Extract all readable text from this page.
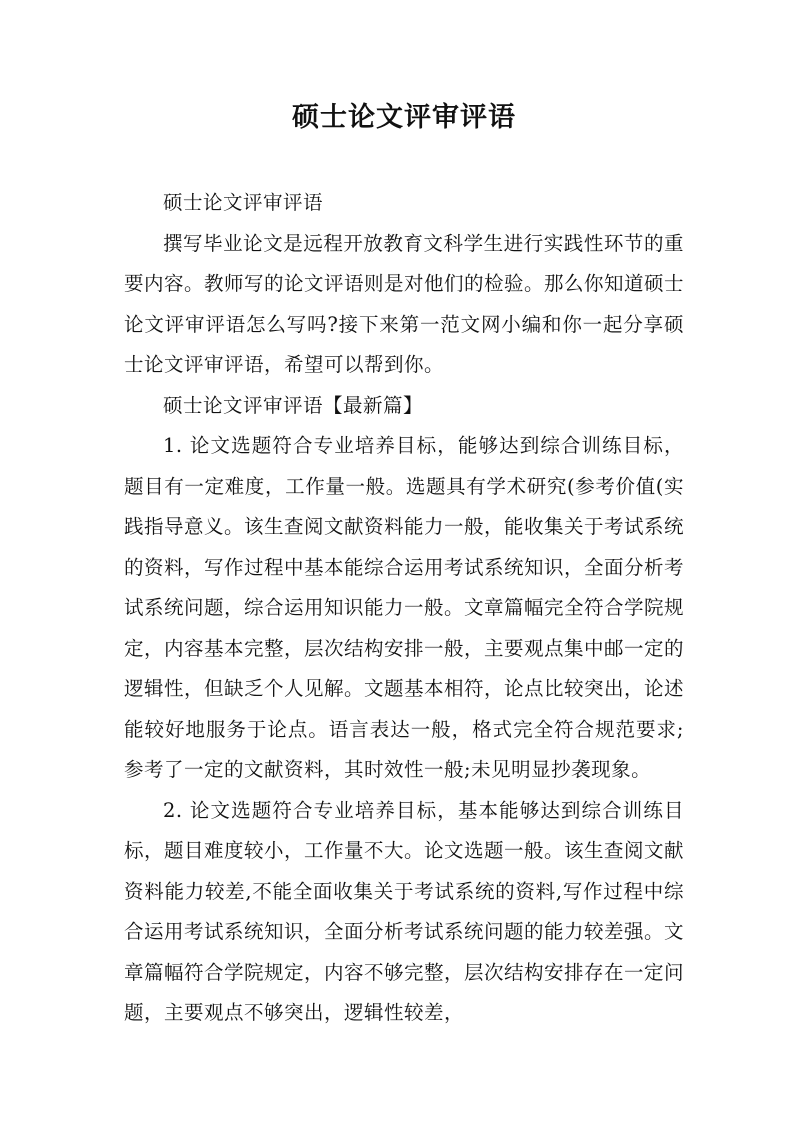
硕士论文评审评语

硕士论文评审评语

撰写毕业论文是远程开放教育文科学生进行实践性环节的重要内容。教师写的论文评语则是对他们的检验。那么你知道硕士论文评审评语怎么写吗?接下来第一范文网小编和你一起分享硕士论文评审评语，希望可以帮到你。

硕士论文评审评语【最新篇】

1. 论文选题符合专业培养目标，能够达到综合训练目标，题目有一定难度，工作量一般。选题具有学术研究(参考价值(实践指导意义。该生查阅文献资料能力一般，能收集关于考试系统的资料，写作过程中基本能综合运用考试系统知识，全面分析考试系统问题，综合运用知识能力一般。文章篇幅完全符合学院规定，内容基本完整，层次结构安排一般，主要观点集中邮一定的逻辑性，但缺乏个人见解。文题基本相符，论点比较突出，论述能较好地服务于论点。语言表达一般，格式完全符合规范要求;参考了一定的文献资料，其时效性一般;未见明显抄袭现象。

2. 论文选题符合专业培养目标，基本能够达到综合训练目标，题目难度较小，工作量不大。论文选题一般。该生查阅文献资料能力较差,不能全面收集关于考试系统的资料,写作过程中综合运用考试系统知识，全面分析考试系统问题的能力较差强。文章篇幅符合学院规定，内容不够完整，层次结构安排存在一定问题，主要观点不够突出，逻辑性较差，
